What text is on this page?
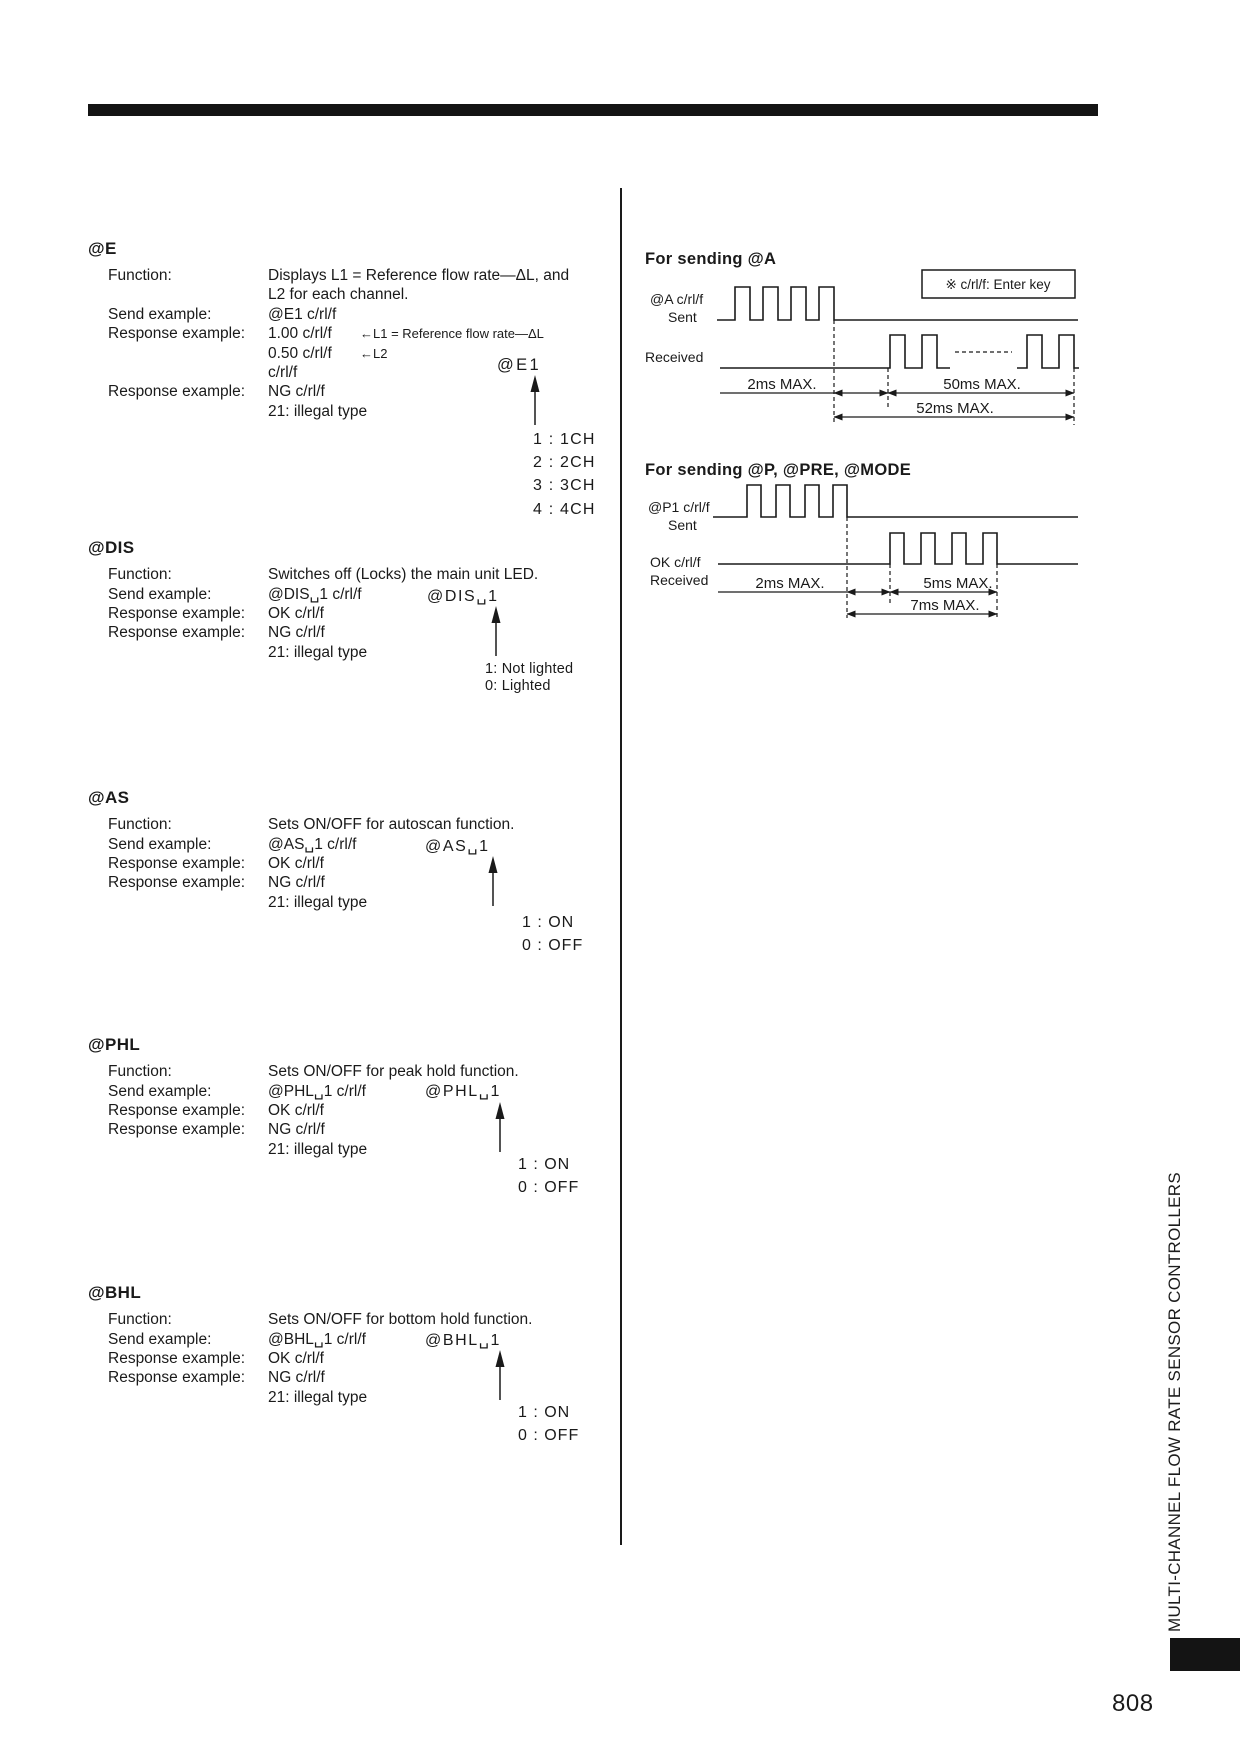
@E
Function:	Displays L1 = Reference flow rate—ΔL, and
L2 for each channel.
Send example:	@E1 c/rl/f
Response example:	1.00 c/rl/f ←L1 = Reference flow rate—ΔL
0.50 c/rl/f ←L2
c/rl/f
Response example:	NG c/rl/f
21: illegal type
@E1
1 : 1CH
2 : 2CH
3 : 3CH
4 : 4CH
@DIS
Function:	Switches off (Locks) the main unit LED.
Send example:	@DIS␣1 c/rl/f
Response example:	OK c/rl/f
Response example:	NG c/rl/f
21: illegal type
@DIS␣1
1: Not lighted
0: Lighted
@AS
Function:	Sets ON/OFF for autoscan function.
Send example:	@AS␣1 c/rl/f
Response example:	OK c/rl/f
Response example:	NG c/rl/f
21: illegal type
@AS␣1
1 : ON
0 : OFF
@PHL
Function:	Sets ON/OFF for peak hold function.
Send example:	@PHL␣1 c/rl/f
Response example:	OK c/rl/f
Response example:	NG c/rl/f
21: illegal type
@PHL␣1
1 : ON
0 : OFF
@BHL
Function:	Sets ON/OFF for bottom hold function.
Send example:	@BHL␣1 c/rl/f
Response example:	OK c/rl/f
Response example:	NG c/rl/f
21: illegal type
@BHL␣1
1 : ON
0 : OFF
For sending @A
※ c/rl/f: Enter key
@A c/rl/f
Sent
Received
2ms MAX.	50ms MAX.
52ms MAX.
For sending @P, @PRE, @MODE
@P1 c/rl/f
Sent
OK c/rl/f
Received	2ms MAX.	5ms MAX.
7ms MAX.
MULTI-CHANNEL FLOW RATE SENSOR CONTROLLERS
808
